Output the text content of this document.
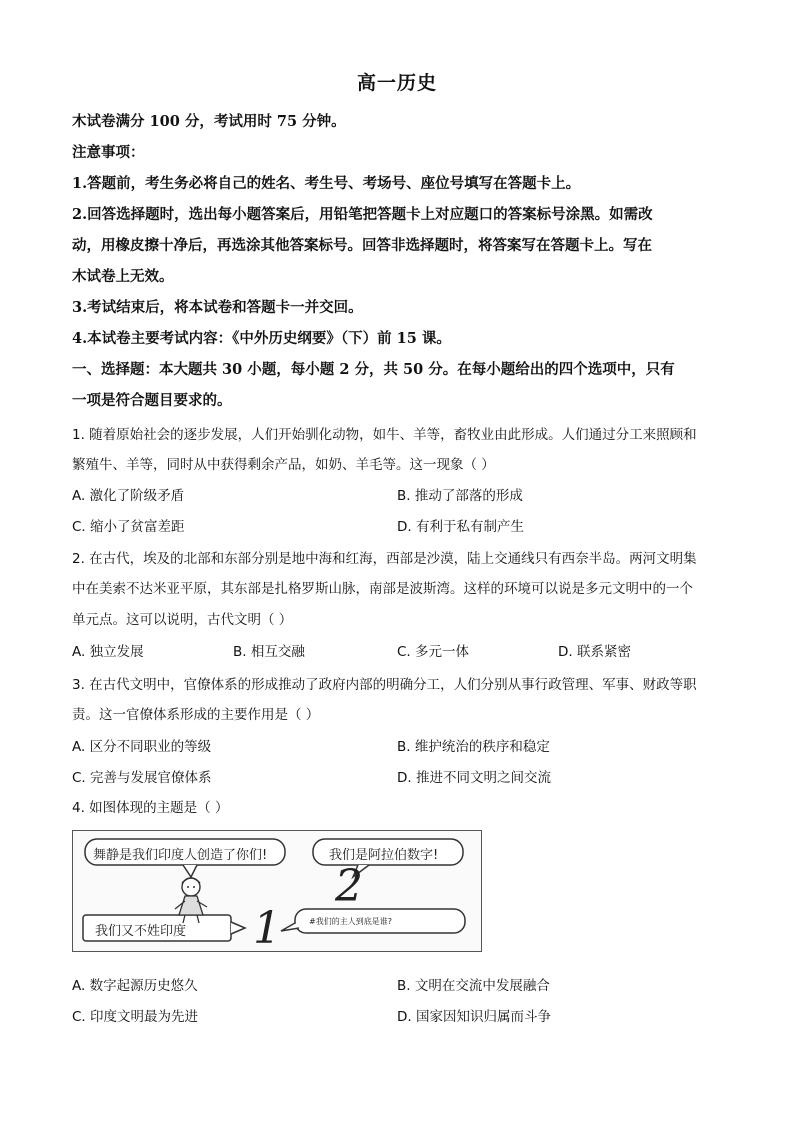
高一历史
木试卷满分 100 分，考试用时 75 分钟。
注意事项：
1.答题前，考生务必将自己的姓名、考生号、考场号、座位号填写在答题卡上。
2.回答选择题时，选出每小题答案后，用铅笔把答题卡上对应题口的答案标号涂黑。如需改
动，用橡皮擦十净后，再选涂其他答案标号。回答非选择题时，将答案写在答题卡上。写在
木试卷上无效。
3.考试结束后，将本试卷和答题卡一并交回。
4.本试卷主要考试内容：《中外历史纲要》（下）前 15 课。
一、选择题：本大题共 30 小题，每小题 2 分，共 50 分。在每小题给出的四个选项中，只有
一项是符合题目要求的。
1. 随着原始社会的逐步发展，人们开始驯化动物，如牛、羊等，畜牧业由此形成。人们通过分工来照顾和
繁殖牛、羊等，同时从中获得剩余产品，如奶、羊毛等。这一现象（ ）
A. 激化了阶级矛盾	B. 推动了部落的形成
C. 缩小了贫富差距	D. 有利于私有制产生
2. 在古代，埃及的北部和东部分别是地中海和红海，西部是沙漠，陆上交通线只有西奈半岛。两河文明集
中在美索不达米亚平原，其东部是扎格罗斯山脉，南部是波斯湾。这样的环境可以说是多元文明中的一个
单元点。这可以说明，古代文明（ ）
A. 独立发展	B. 相互交融	C. 多元一体	D. 联系紧密
3. 在古代文明中，官僚体系的形成推动了政府内部的明确分工，人们分别从事行政管理、军事、财政等职
责。这一官僚体系形成的主要作用是（ ）
A. 区分不同职业的等级	B. 维护统治的秩序和稳定
C. 完善与发展官僚体系	D. 推进不同文明之间交流
4. 如图体现的主题是（ ）
舞静是我们印度人创造了你们!	我们是阿拉伯数字!
我们又不姓印度
#我们的主人到底是谁?
2
1
A. 数字起源历史悠久	B. 文明在交流中发展融合
C. 印度文明最为先进	D. 国家因知识归属而斗争
